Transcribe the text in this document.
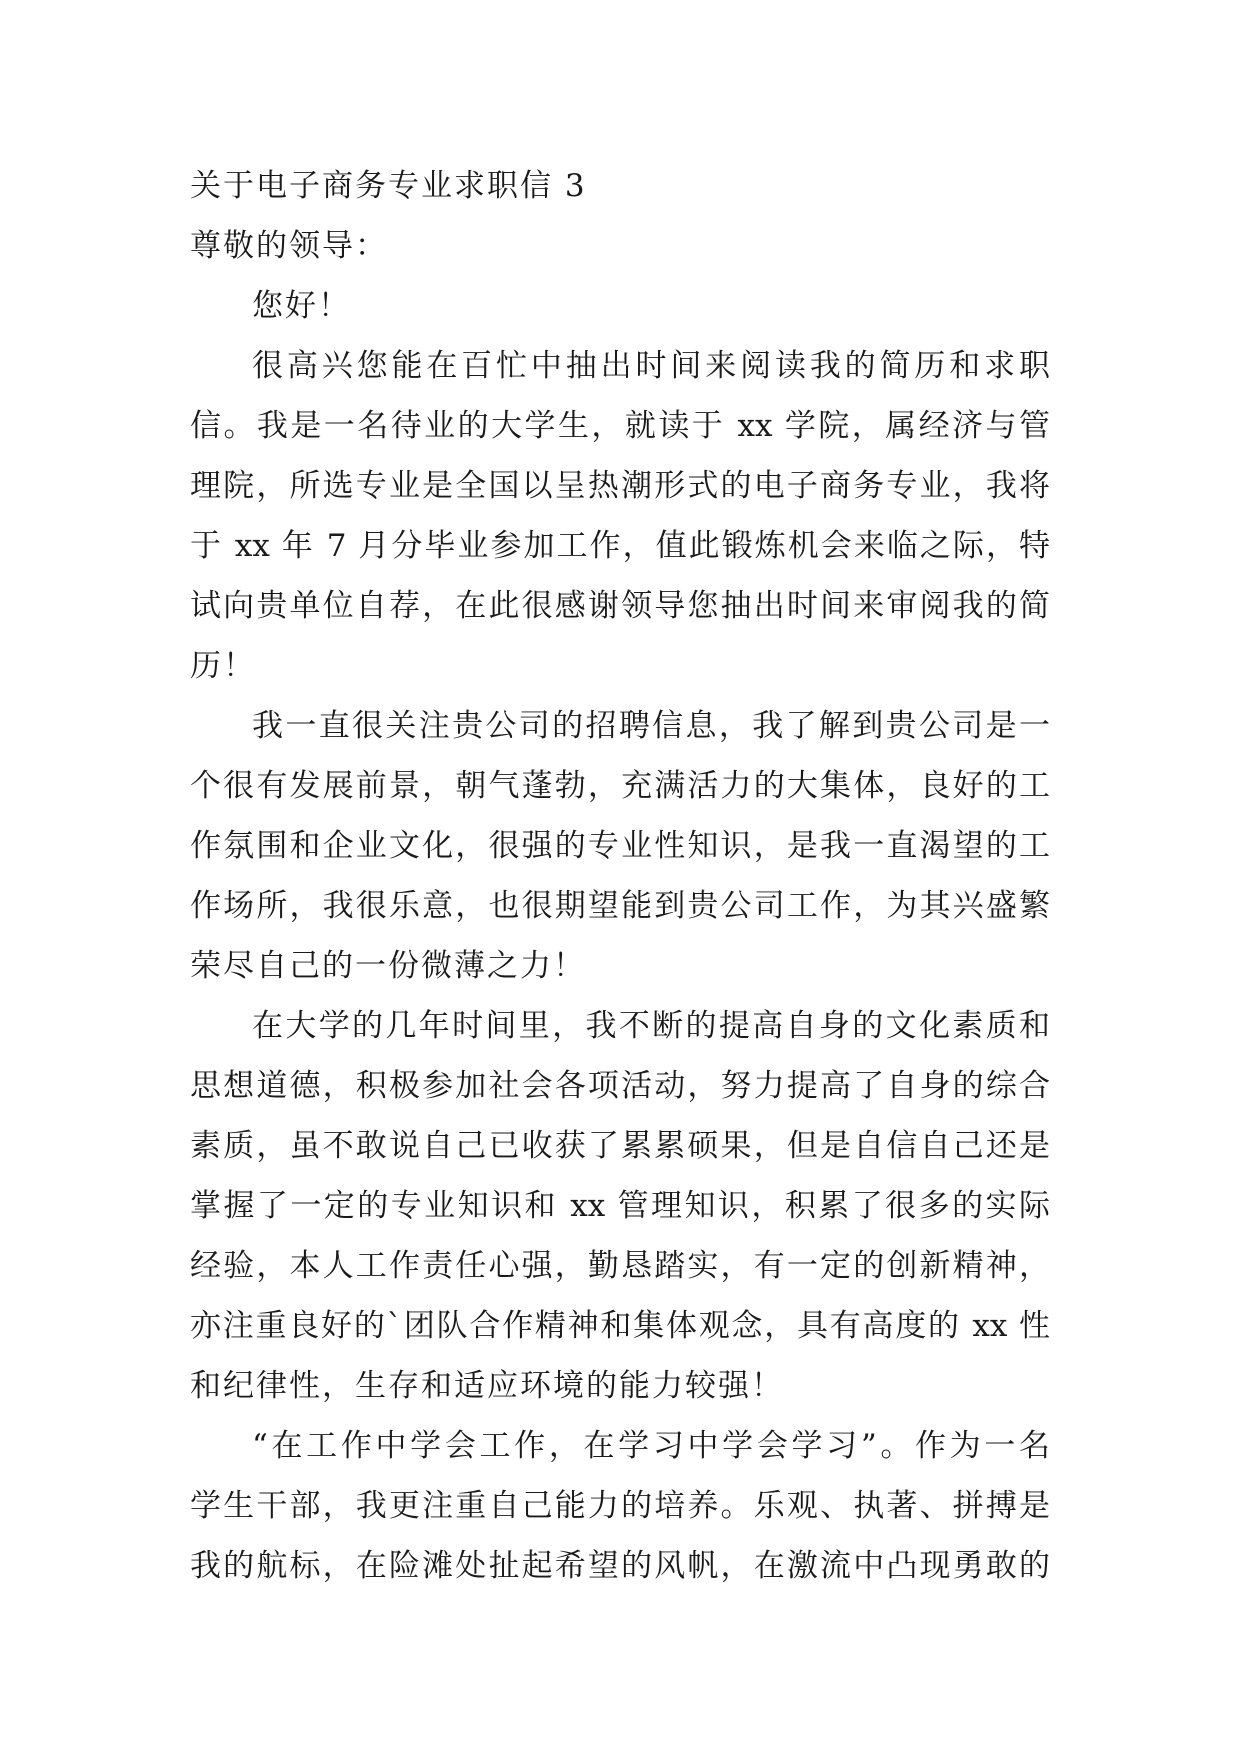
关于电子商务专业求职信 3
尊敬的领导：
您好！
很高兴您能在百忙中抽出时间来阅读我的简历和求职
信。我是一名待业的大学生，就读于 xx 学院，属经济与管
理院，所选专业是全国以呈热潮形式的电子商务专业，我将
于 xx 年 7 月分毕业参加工作，值此锻炼机会来临之际，特
试向贵单位自荐，在此很感谢领导您抽出时间来审阅我的简
历！
我一直很关注贵公司的招聘信息，我了解到贵公司是一
个很有发展前景，朝气蓬勃，充满活力的大集体，良好的工
作氛围和企业文化，很强的专业性知识，是我一直渴望的工
作场所，我很乐意，也很期望能到贵公司工作，为其兴盛繁
荣尽自己的一份微薄之力！
在大学的几年时间里，我不断的提高自身的文化素质和
思想道德，积极参加社会各项活动，努力提高了自身的综合
素质，虽不敢说自己已收获了累累硕果，但是自信自己还是
掌握了一定的专业知识和 xx 管理知识，积累了很多的实际
经验，本人工作责任心强，勤恳踏实，有一定的创新精神，
亦注重良好的`团队合作精神和集体观念，具有高度的 xx 性
和纪律性，生存和适应环境的能力较强！
“在工作中学会工作，在学习中学会学习”。作为一名
学生干部，我更注重自己能力的培养。乐观、执著、拼搏是
我的航标，在险滩处扯起希望的风帆，在激流中凸现勇敢的
